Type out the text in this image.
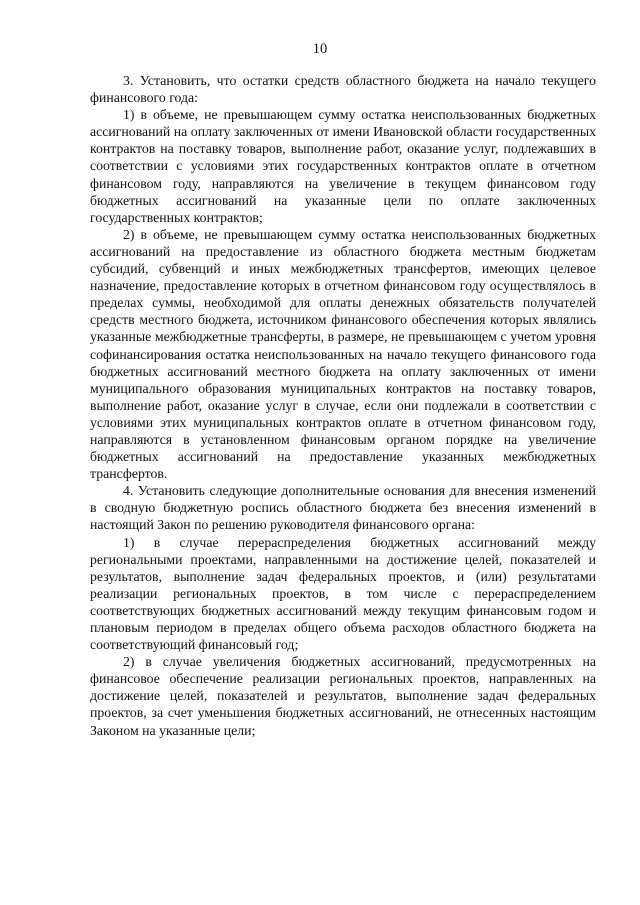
10

3. Установить, что остатки средств областного бюджета на начало текущего финансового года:

1) в объеме, не превышающем сумму остатка неиспользованных бюджетных ассигнований на оплату заключенных от имени Ивановской области государственных контрактов на поставку товаров, выполнение работ, оказание услуг, подлежавших в соответствии с условиями этих государственных контрактов оплате в отчетном финансовом году, направляются на увеличение в текущем финансовом году бюджетных ассигнований на указанные цели по оплате заключенных государственных контрактов;

2) в объеме, не превышающем сумму остатка неиспользованных бюджетных ассигнований на предоставление из областного бюджета местным бюджетам субсидий, субвенций и иных межбюджетных трансфертов, имеющих целевое назначение, предоставление которых в отчетном финансовом году осуществлялось в пределах суммы, необходимой для оплаты денежных обязательств получателей средств местного бюджета, источником финансового обеспечения которых являлись указанные межбюджетные трансферты, в размере, не превышающем с учетом уровня софинансирования остатка неиспользованных на начало текущего финансового года бюджетных ассигнований местного бюджета на оплату заключенных от имени муниципального образования муниципальных контрактов на поставку товаров, выполнение работ, оказание услуг в случае, если они подлежали в соответствии с условиями этих муниципальных контрактов оплате в отчетном финансовом году, направляются в установленном финансовым органом порядке на увеличение бюджетных ассигнований на предоставление указанных межбюджетных трансфертов.

4. Установить следующие дополнительные основания для внесения изменений в сводную бюджетную роспись областного бюджета без внесения изменений в настоящий Закон по решению руководителя финансового органа:

1) в случае перераспределения бюджетных ассигнований между региональными проектами, направленными на достижение целей, показателей и результатов, выполнение задач федеральных проектов, и (или) результатами реализации региональных проектов, в том числе с перераспределением соответствующих бюджетных ассигнований между текущим финансовым годом и плановым периодом в пределах общего объема расходов областного бюджета на соответствующий финансовый год;

2) в случае увеличения бюджетных ассигнований, предусмотренных на финансовое обеспечение реализации региональных проектов, направленных на достижение целей, показателей и результатов, выполнение задач федеральных проектов, за счет уменьшения бюджетных ассигнований, не отнесенных настоящим Законом на указанные цели;
